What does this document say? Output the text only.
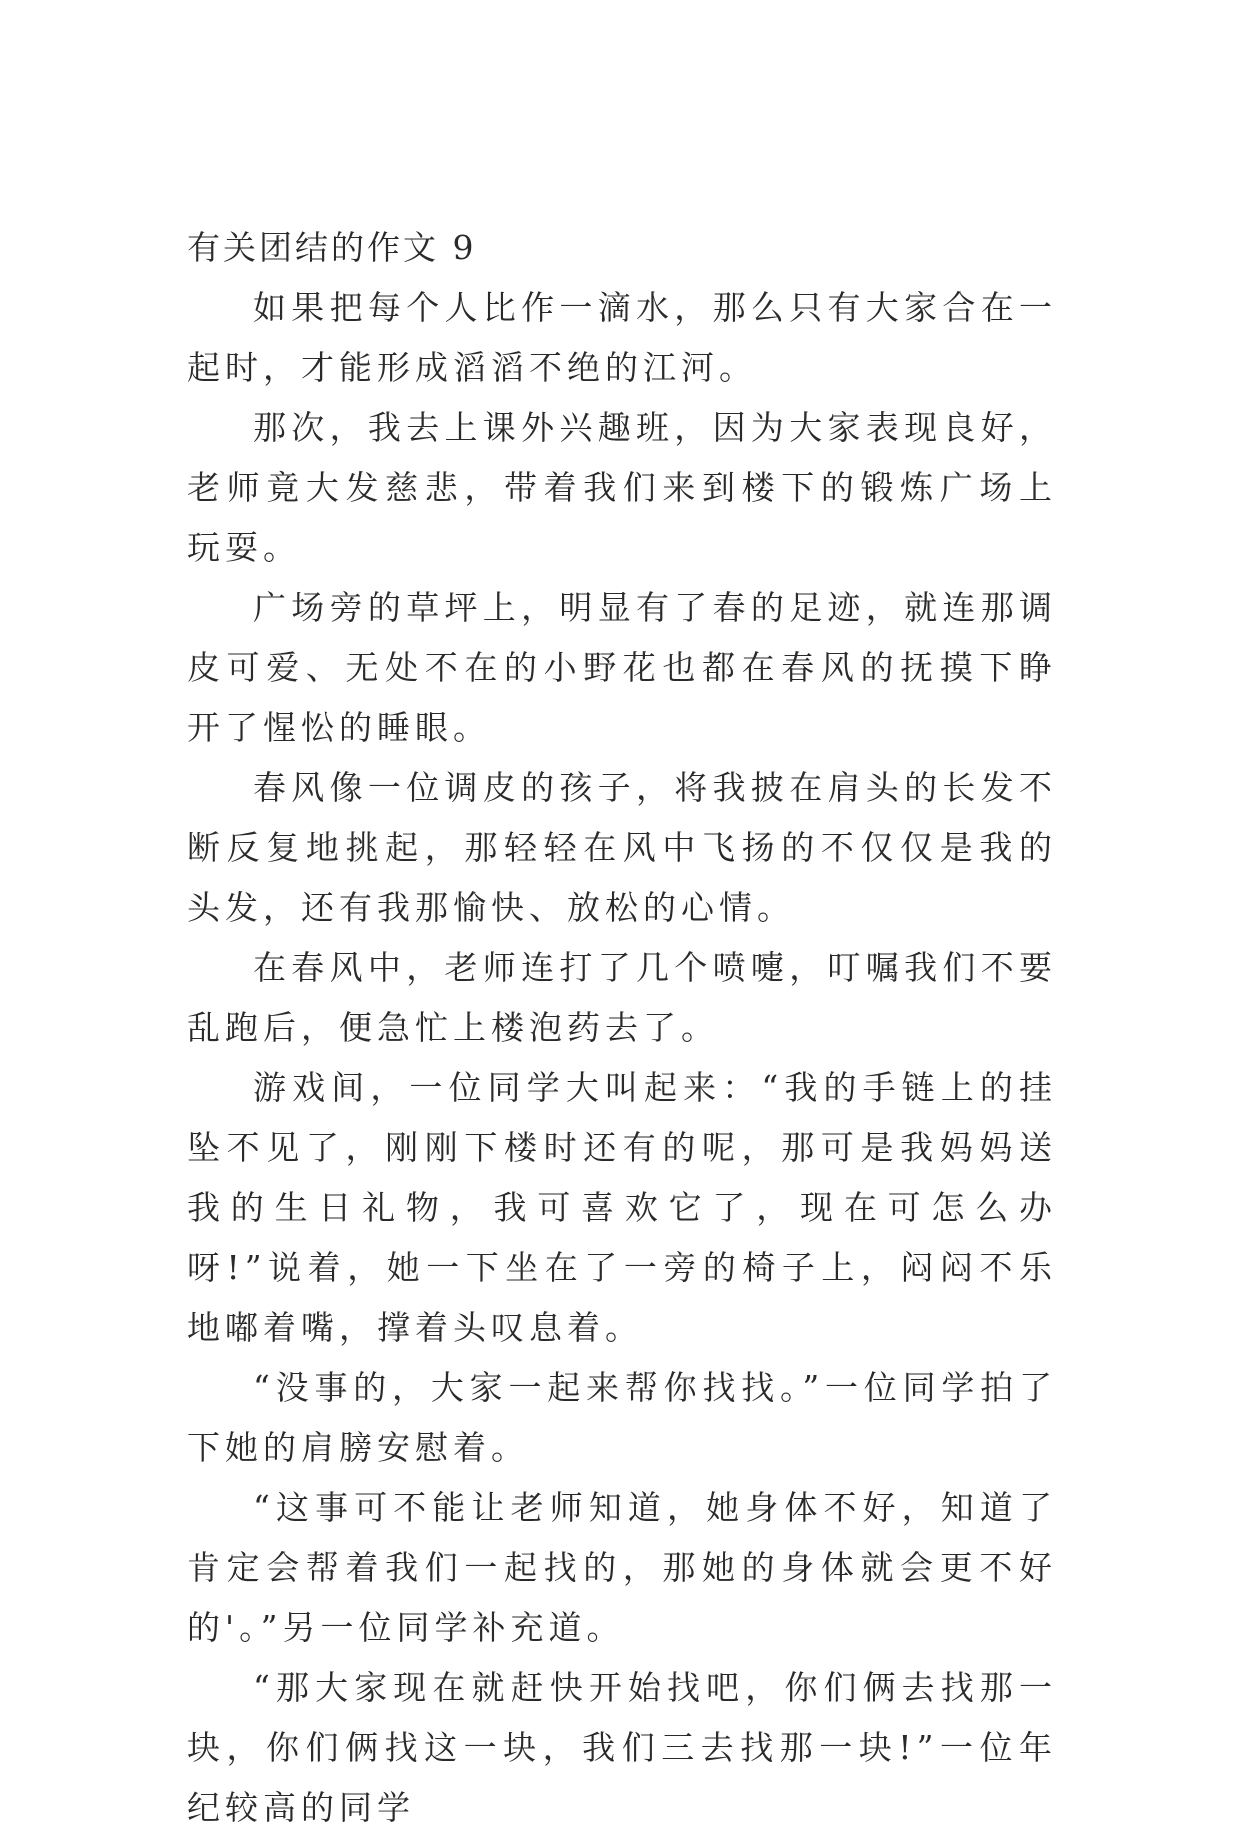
有关团结的作文 9

如果把每个人比作一滴水，那么只有大家合在一起时，才能形成滔滔不绝的江河。

那次，我去上课外兴趣班，因为大家表现良好，老师竟大发慈悲，带着我们来到楼下的锻炼广场上玩耍。

广场旁的草坪上，明显有了春的足迹，就连那调皮可爱、无处不在的小野花也都在春风的抚摸下睁开了惺忪的睡眼。

春风像一位调皮的孩子，将我披在肩头的长发不断反复地挑起，那轻轻在风中飞扬的不仅仅是我的头发，还有我那愉快、放松的心情。

在春风中，老师连打了几个喷嚏，叮嘱我们不要乱跑后，便急忙上楼泡药去了。

游戏间，一位同学大叫起来：“我的手链上的挂坠不见了，刚刚下楼时还有的呢，那可是我妈妈送我的生日礼物，我可喜欢它了，现在可怎么办呀!”说着，她一下坐在了一旁的椅子上，闷闷不乐地嘟着嘴，撑着头叹息着。

“没事的，大家一起来帮你找找。”一位同学拍了下她的肩膀安慰着。

“这事可不能让老师知道，她身体不好，知道了肯定会帮着我们一起找的，那她的身体就会更不好的'。”另一位同学补充道。

“那大家现在就赶快开始找吧，你们俩去找那一块，你们俩找这一块，我们三去找那一块!”一位年纪较高的同学
